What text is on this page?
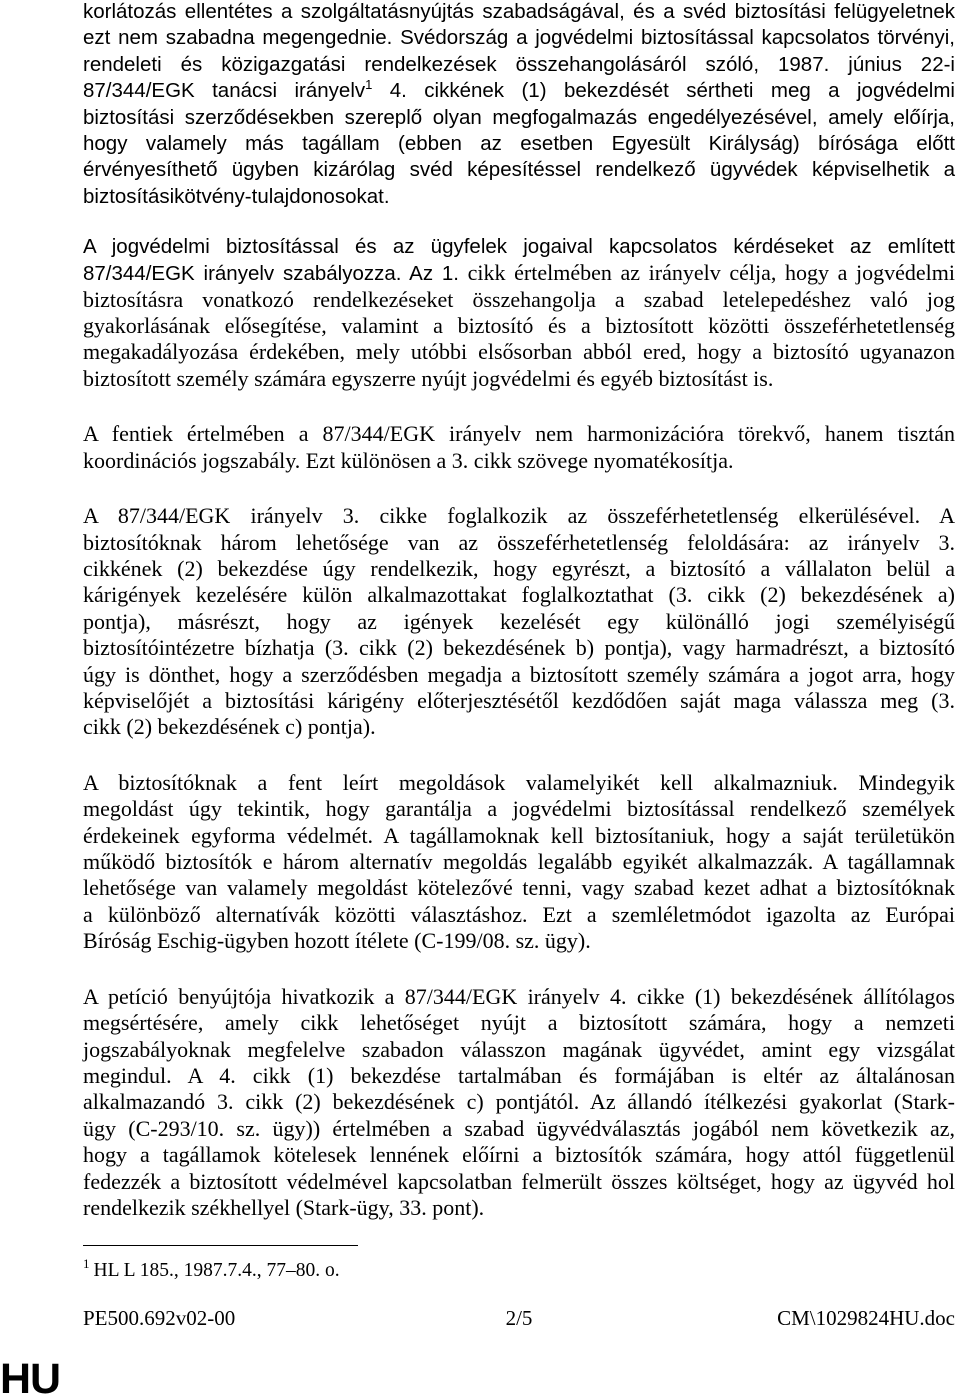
korlátozás ellentétes a szolgáltatásnyújtás szabadságával, és a svéd biztosítási felügyeletnek
ezt nem szabadna megengednie. Svédország a jogvédelmi biztosítással kapcsolatos törvényi,
rendeleti és közigazgatási rendelkezések összehangolásáról szóló, 1987. június 22-i
87/344/EGK tanácsi irányelv$^1$ 4. cikkének (1) bekezdését sértheti meg a jogvédelmi
biztosítási szerződésekben szereplő olyan megfogalmazás engedélyezésével, amely előírja,
hogy valamely más tagállam (ebben az esetben Egyesült Királyság) bírósága előtt
érvényesíthető ügyben kizárólag svéd képesítéssel rendelkező ügyvédek képviselhetik a
biztosításikötvény-tulajdonosokat.
A jogvédelmi biztosítással és az ügyfelek jogaival kapcsolatos kérdéseket az említett
87/344/EGK irányelv szabályozza. Az 1. cikk értelmében az irányelv célja, hogy a jogvédelmi
biztosításra vonatkozó rendelkezéseket összehangolja a szabad letelepedéshez való jog
gyakorlásának elősegítése, valamint a biztosító és a biztosított közötti összeférhetetlenség
megakadályozása érdekében, mely utóbbi elsősorban abból ered, hogy a biztosító ugyanazon
biztosított személy számára egyszerre nyújt jogvédelmi és egyéb biztosítást is.
A fentiek értelmében a 87/344/EGK irányelv nem harmonizációra törekvő, hanem tisztán
koordinációs jogszabály. Ezt különösen a 3. cikk szövege nyomatékosítja.
A 87/344/EGK irányelv 3. cikke foglalkozik az összeférhetetlenség elkerülésével. A
biztosítóknak három lehetősége van az összeférhetetlenség feloldására: az irányelv 3.
cikkének (2) bekezdése úgy rendelkezik, hogy egyrészt, a biztosító a vállalaton belül a
kárigények kezelésére külön alkalmazottakat foglalkoztathat (3. cikk (2) bekezdésének a)
pontja), másrészt, hogy az igények kezelését egy különálló jogi személyiségű
biztosítóintézetre bízhatja (3. cikk (2) bekezdésének b) pontja), vagy harmadrészt, a biztosító
úgy is dönthet, hogy a szerződésben megadja a biztosított személy számára a jogot arra, hogy
képviselőjét a biztosítási kárigény előterjesztésétől kezdődően saját maga válassza meg (3.
cikk (2) bekezdésének c) pontja).
A biztosítóknak a fent leírt megoldások valamelyikét kell alkalmazniuk. Mindegyik
megoldást úgy tekintik, hogy garantálja a jogvédelmi biztosítással rendelkező személyek
érdekeinek egyforma védelmét. A tagállamoknak kell biztosítaniuk, hogy a saját területükön
működő biztosítók e három alternatív megoldás legalább egyikét alkalmazzák. A tagállamnak
lehetősége van valamely megoldást kötelezővé tenni, vagy szabad kezet adhat a biztosítóknak
a különböző alternatívák közötti választáshoz. Ezt a szemléletmódot igazolta az Európai
Bíróság Eschig-ügyben hozott ítélete (C-199/08. sz. ügy).
A petíció benyújtója hivatkozik a 87/344/EGK irányelv 4. cikke (1) bekezdésének állítólagos
megsértésére, amely cikk lehetőséget nyújt a biztosított számára, hogy a nemzeti
jogszabályoknak megfelelve szabadon válasszon magának ügyvédet, amint egy vizsgálat
megindul. A 4. cikk (1) bekezdése tartalmában és formájában is eltér az általánosan
alkalmazandó 3. cikk (2) bekezdésének c) pontjától. Az állandó ítélkezési gyakorlat (Stark-
ügy (C-293/10. sz. ügy)) értelmében a szabad ügyvédválasztás jogából nem következik az,
hogy a tagállamok kötelesek lennének előírni a biztosítók számára, hogy attól függetlenül
fedezzék a biztosított védelmével kapcsolatban felmerült összes költséget, hogy az ügyvéd hol
rendelkezik székhellyel (Stark-ügy, 33. pont).
$^1$ HL L 185., 1987.7.4., 77–80. o.
PE500.692v02-00	2/5	CM\1029824HU.doc
HU
